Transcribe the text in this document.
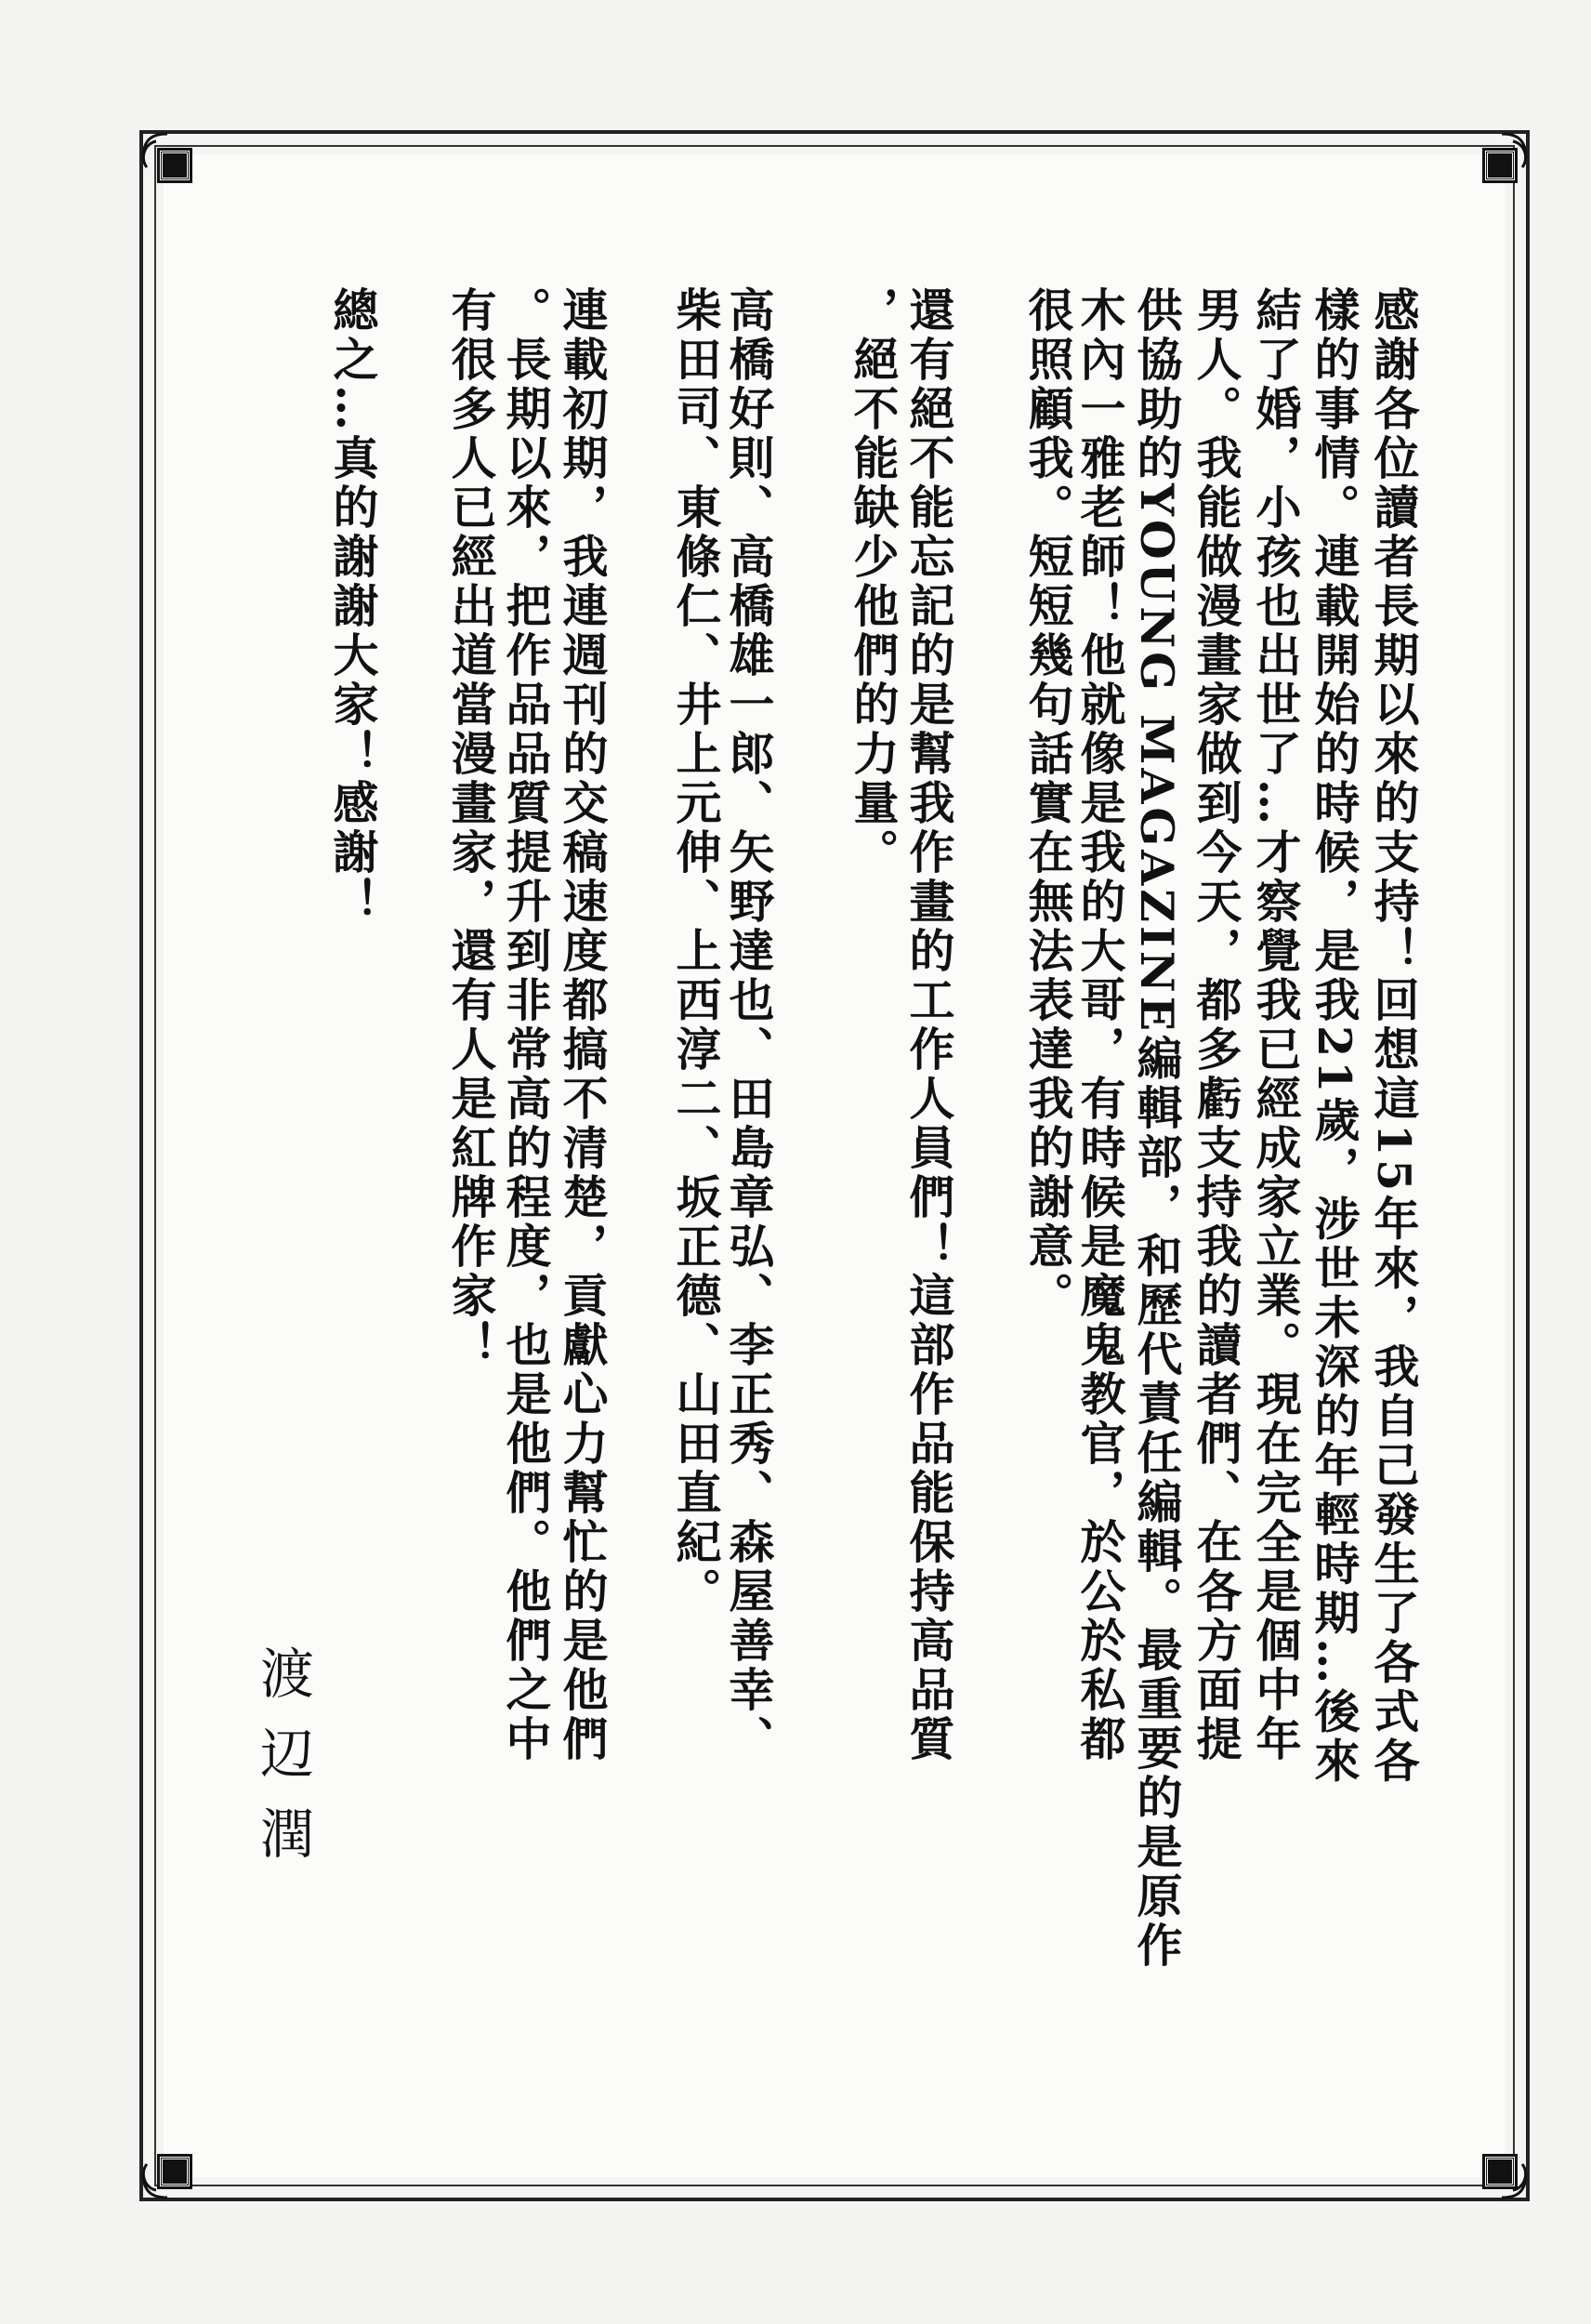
感謝各位讀者長期以來的支持！回想這15年來，我自己發生了各式各
樣的事情。連載開始的時候，是我21歲，涉世未深的年輕時期…後來
結了婚，小孩也出世了…才察覺我已經成家立業。現在完全是個中年
男人。我能做漫畫家做到今天，都多虧支持我的讀者們、在各方面提
供協助的YOUNG MAGAZINE編輯部，和歷代責任編輯。最重要的是原作
木內一雅老師！他就像是我的大哥，有時候是魔鬼教官，於公於私都
很照顧我。短短幾句話實在無法表達我的謝意。
還有絕不能忘記的是幫我作畫的工作人員們！這部作品能保持高品質
，絕不能缺少他們的力量。
高橋好則、高橋雄一郎、矢野達也、田島章弘、李正秀、森屋善幸、
柴田司、東條仁、井上元伸、上西淳二、坂正德、山田直紀。
連載初期，我連週刊的交稿速度都搞不清楚，貢獻心力幫忙的是他們
。長期以來，把作品品質提升到非常高的程度，也是他們。他們之中
有很多人已經出道當漫畫家，還有人是紅牌作家！
總之…真的謝謝大家！感謝！
渡辺潤
